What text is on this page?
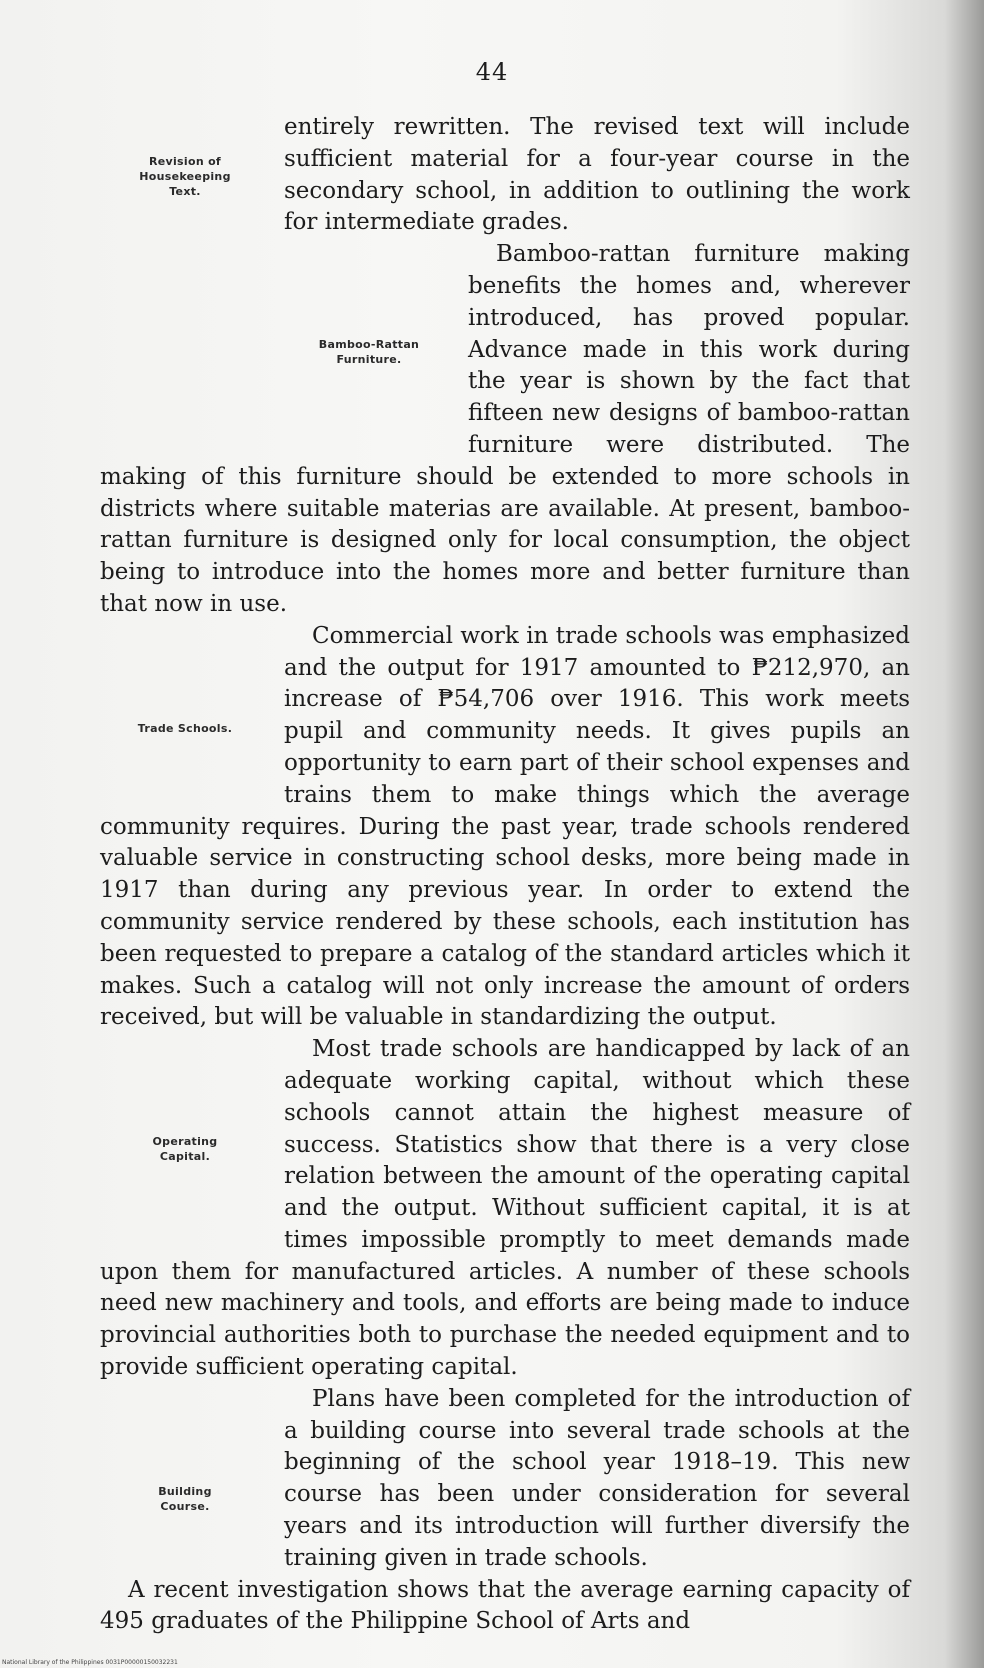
44

Revision of
Housekeeping
Text.
entirely rewritten. The revised text will include sufficient material for a four-year course in the secondary school, in addition to outlining the work for intermediate grades.

Bamboo-Rattan
Furniture.
Bamboo-rattan furniture making benefits the homes and, wherever introduced, has proved popular. Advance made in this work during the year is shown by the fact that fifteen new designs of bamboo-rattan furniture were distributed. The making of this furniture should be extended to more schools in districts where suitable materias are available. At present, bamboo-rattan furniture is designed only for local consumption, the object being to introduce into the homes more and better furniture than that now in use.

Trade Schools.
Commercial work in trade schools was emphasized and the output for 1917 amounted to ₱212,970, an increase of ₱54,706 over 1916. This work meets pupil and community needs. It gives pupils an opportunity to earn part of their school expenses and trains them to make things which the average community requires. During the past year, trade schools rendered valuable service in constructing school desks, more being made in 1917 than during any previous year. In order to extend the community service rendered by these schools, each institution has been requested to prepare a catalog of the standard articles which it makes. Such a catalog will not only increase the amount of orders received, but will be valuable in standardizing the output.

Operating
Capital.
Most trade schools are handicapped by lack of an adequate working capital, without which these schools cannot attain the highest measure of success. Statistics show that there is a very close relation between the amount of the operating capital and the output. Without sufficient capital, it is at times impossible promptly to meet demands made upon them for manufactured articles. A number of these schools need new machinery and tools, and efforts are being made to induce provincial authorities both to purchase the needed equipment and to provide sufficient operating capital.

Building
Course.
Plans have been completed for the introduction of a building course into several trade schools at the beginning of the school year 1918–19. This new course has been under consideration for several years and its introduction will further diversify the training given in trade schools.

A recent investigation shows that the average earning capacity of 495 graduates of the Philippine School of Arts and

National Library of the Philippines 0031P00000150032231
